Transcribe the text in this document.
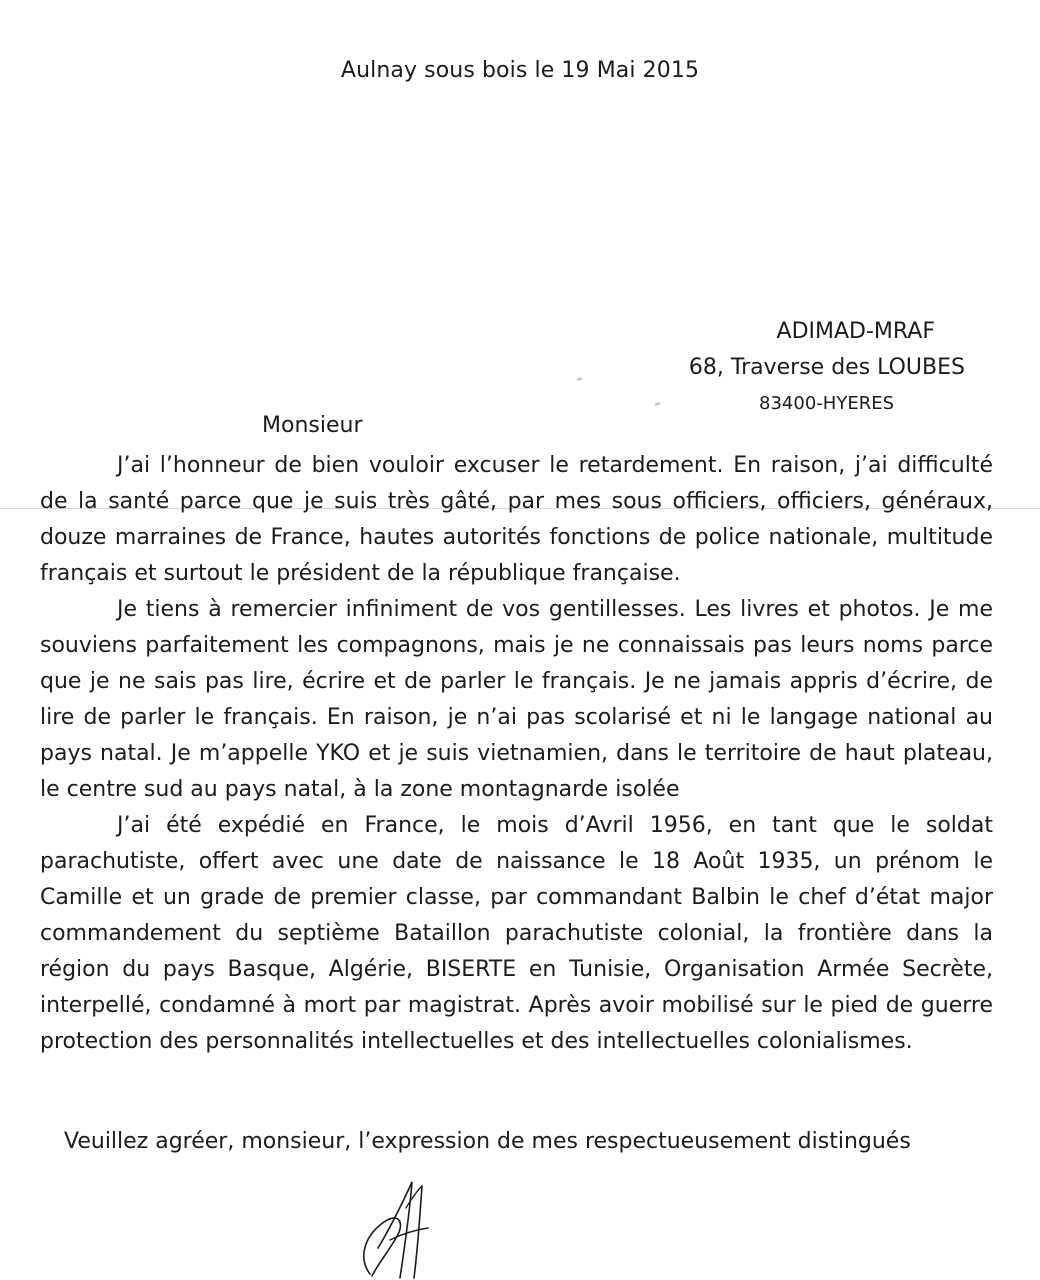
Aulnay sous bois le 19 Mai 2015
ADIMAD-MRAF
68, Traverse des LOUBES
83400-HYERES
Monsieur

J’ai l’honneur de bien vouloir excuser le retardement. En raison, j’ai difficulté de la santé parce que je suis très gâté, par mes sous officiers, officiers, généraux, douze marraines de France, hautes autorités fonctions de police nationale, multitude français et surtout le président de la république française.

Je tiens à remercier infiniment de vos gentillesses. Les livres et photos. Je me souviens parfaitement les compagnons, mais je ne connaissais pas leurs noms parce que je ne sais pas lire, écrire et de parler le français. Je ne jamais appris d’écrire, de lire de parler le français. En raison, je n’ai pas scolarisé et ni le langage national au pays natal. Je m’appelle YKO et je suis vietnamien, dans le territoire de haut plateau, le centre sud au pays natal, à la zone montagnarde isolée

J’ai été expédié en France, le mois d’Avril 1956, en tant que le soldat parachutiste, offert avec une date de naissance le 18 Août 1935, un prénom le Camille et un grade de premier classe, par commandant Balbin le chef d’état major commandement du septième Bataillon parachutiste colonial, la frontière dans la région du pays Basque, Algérie, BISERTE en Tunisie, Organisation Armée Secrète, interpellé, condamné à mort par magistrat. Après avoir mobilisé sur le pied de guerre protection des personnalités intellectuelles et des intellectuelles colonialismes.

Veuillez agréer, monsieur, l’expression de mes respectueusement distingués
